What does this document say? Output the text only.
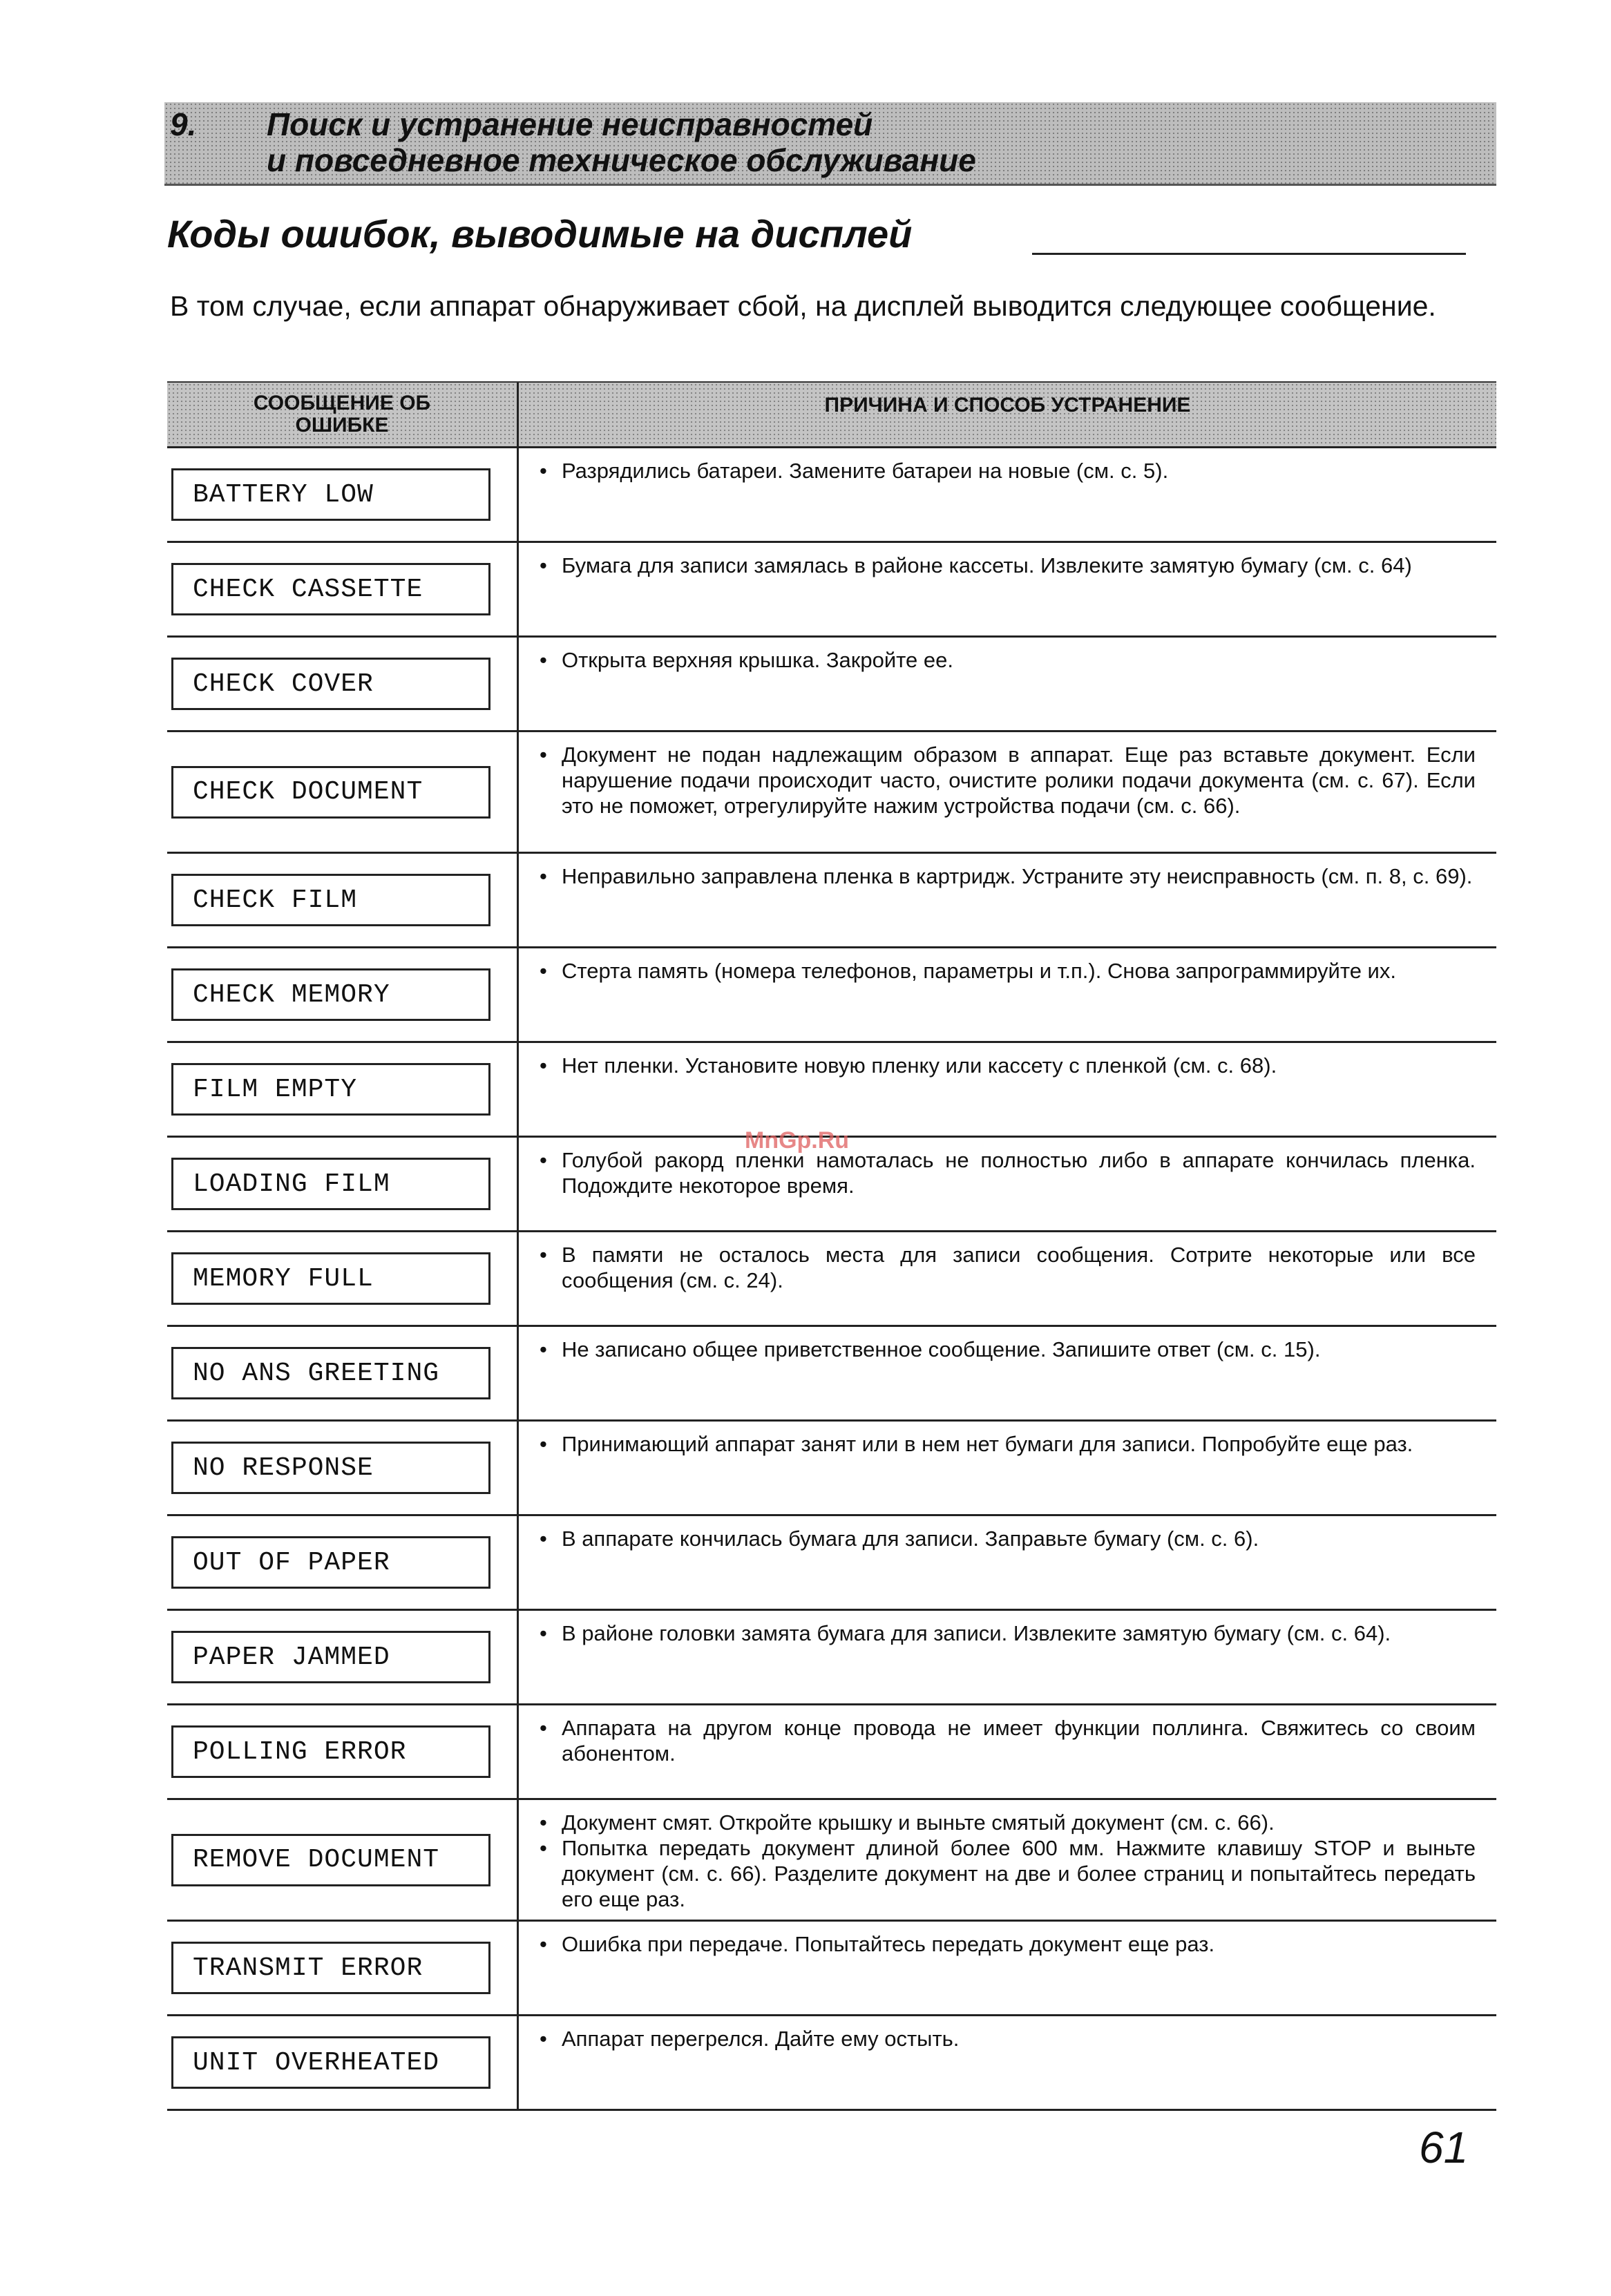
9. Поиск и устранение неисправностей
и повседневное техническое обслуживание
Коды ошибок, выводимые на дисплей
В том случае, если аппарат обнаруживает сбой, на дисплей выводится следующее сообщение.
СООБЩЕНИЕ ОБ ОШИБКЕ
ПРИЧИНА И СПОСОБ УСТРАНЕНИЕ
BATTERY LOW
• Разрядились батареи. Замените батареи на новые (см. с. 5).
CHECK CASSETTE
• Бумага для записи замялась в районе кассеты. Извлеките замятую бумагу (см. с. 64)
CHECK COVER
• Открыта верхняя крышка. Закройте ее.
CHECK DOCUMENT
• Документ не подан надлежащим образом в аппарат. Еще раз вставьте документ. Если нарушение подачи происходит часто, очистите ролики подачи документа (см. с. 67). Если это не поможет, отрегулируйте нажим устройства подачи (см. с. 66).
CHECK FILM
• Неправильно заправлена пленка в картридж. Устраните эту неисправность (см. п. 8, с. 69).
CHECK MEMORY
• Стерта память (номера телефонов, параметры и т.п.). Снова запрограммируйте их.
FILM EMPTY
• Нет пленки. Установите новую пленку или кассету с пленкой (см. с. 68).
LOADING FILM
• Голубой ракорд пленки намоталась не полностью либо в аппарате кончилась пленка. Подождите некоторое время.
MEMORY FULL
• В памяти не осталось места для записи сообщения. Сотрите некоторые или все сообщения (см. с. 24).
NO ANS GREETING
• Не записано общее приветственное сообщение. Запишите ответ (см. с. 15).
NO RESPONSE
• Принимающий аппарат занят или в нем нет бумаги для записи. Попробуйте еще раз.
OUT OF PAPER
• В аппарате кончилась бумага для записи. Заправьте бумагу (см. с. 6).
PAPER JAMMED
• В районе головки замята бумага для записи. Извлеките замятую бумагу (см. с. 64).
POLLING ERROR
• Аппарата на другом конце провода не имеет функции поллинга. Свяжитесь со своим абонентом.
REMOVE DOCUMENT
• Документ смят. Откройте крышку и выньте смятый документ (см. с. 66).
• Попытка передать документ длиной более 600 мм. Нажмите клавишу STOP и выньте документ (см. с. 66). Разделите документ на две и более страниц и попытайтесь передать его еще раз.
TRANSMIT ERROR
• Ошибка при передаче. Попытайтесь передать документ еще раз.
UNIT OVERHEATED
• Аппарат перегрелся. Дайте ему остыть.
MnGp.Ru
61
